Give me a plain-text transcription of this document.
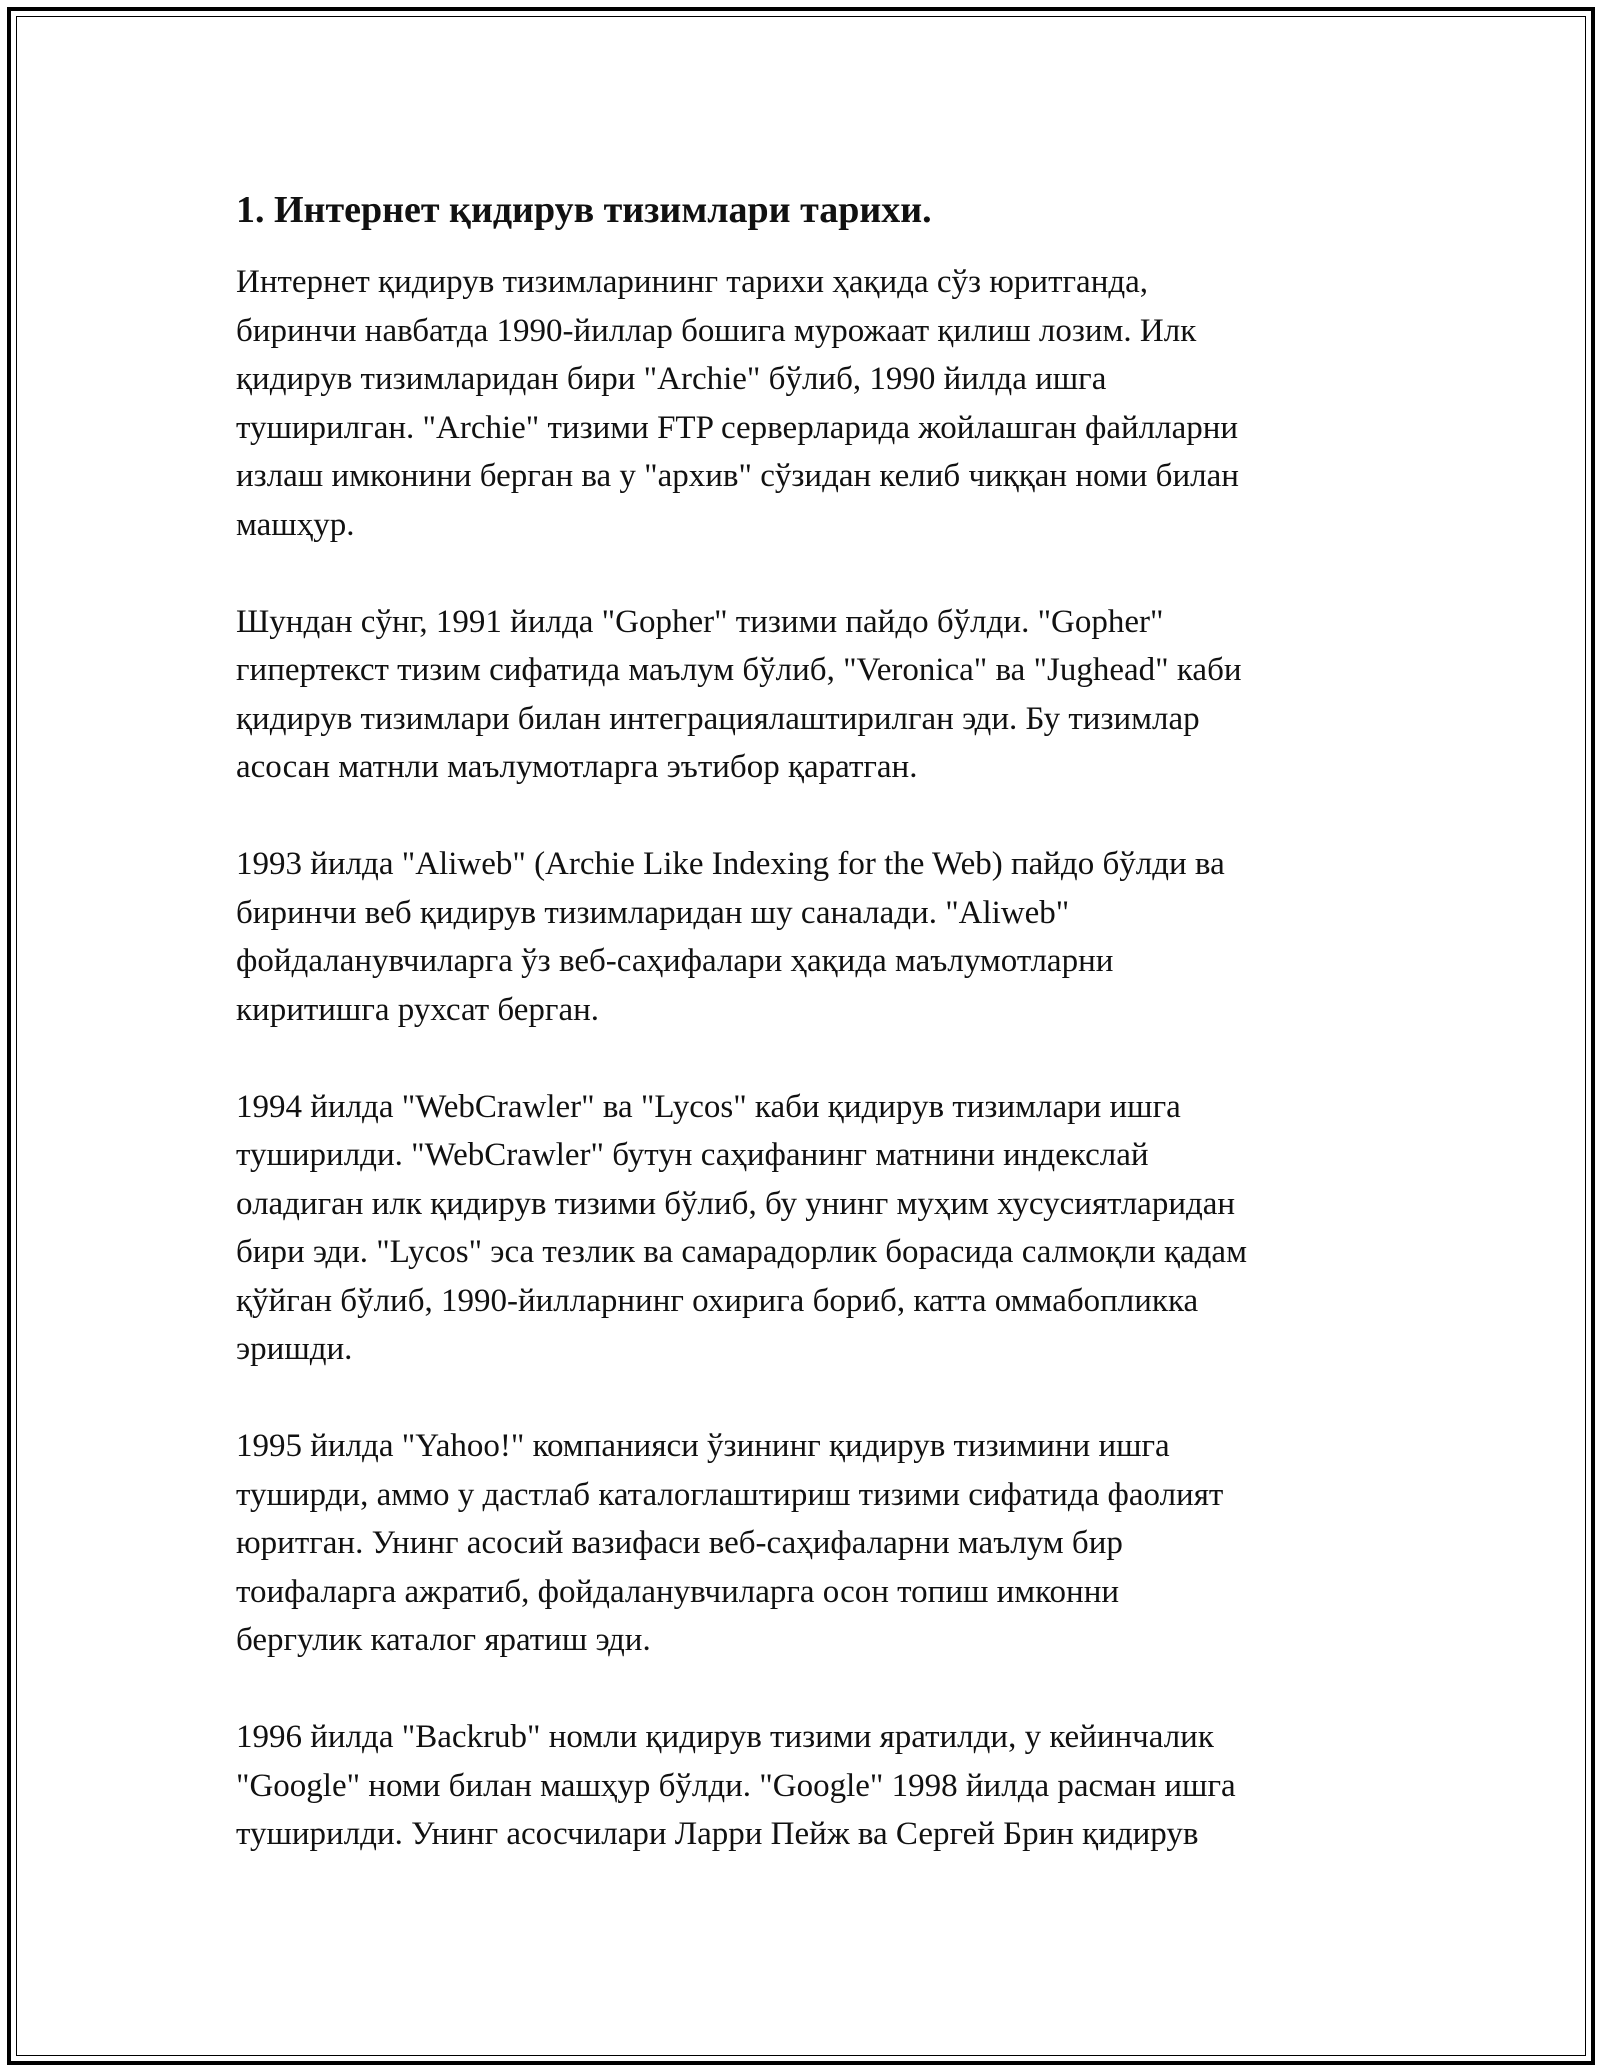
1. Интернет қидирув тизимлари тарихи.

Интернет қидирув тизимларининг тарихи ҳақида сўз юритганда,
биринчи навбатда 1990-йиллар бошига мурожаат қилиш лозим. Илк
қидирув тизимларидан бири "Archie" бўлиб, 1990 йилда ишга
туширилган. "Archie" тизими FTP серверларида жойлашган файлларни
излаш имконини берган ва у "архив" сўзидан келиб чиққан номи билан
машҳур.

Шундан сўнг, 1991 йилда "Gopher" тизими пайдо бўлди. "Gopher"
гипертекст тизим сифатида маълум бўлиб, "Veronica" ва "Jughead" каби
қидирув тизимлари билан интеграциялаштирилган эди. Бу тизимлар
асосан матнли маълумотларга эътибор қаратган.

1993 йилда "Aliweb" (Archie Like Indexing for the Web) пайдо бўлди ва
биринчи веб қидирув тизимларидан шу саналади. "Aliweb"
фойдаланувчиларга ўз веб-саҳифалари ҳақида маълумотларни
киритишга рухсат берган.

1994 йилда "WebCrawler" ва "Lycos" каби қидирув тизимлари ишга
туширилди. "WebCrawler" бутун саҳифанинг матнини индекслай
оладиган илк қидирув тизими бўлиб, бу унинг муҳим хусусиятларидан
бири эди. "Lycos" эса тезлик ва самарадорлик борасида салмоқли қадам
қўйган бўлиб, 1990-йилларнинг охирига бориб, катта оммабопликка
эришди.

1995 йилда "Yahoo!" компанияси ўзининг қидирув тизимини ишга
туширди, аммо у дастлаб каталоглаштириш тизими сифатида фаолият
юритган. Унинг асосий вазифаси веб-саҳифаларни маълум бир
тоифаларга ажратиб, фойдаланувчиларга осон топиш имконни
бергулик каталог яратиш эди.

1996 йилда "Backrub" номли қидирув тизими яратилди, у кейинчалик
"Google" номи билан машҳур бўлди. "Google" 1998 йилда расман ишга
туширилди. Унинг асосчилари Ларри Пейж ва Сергей Брин қидирув
